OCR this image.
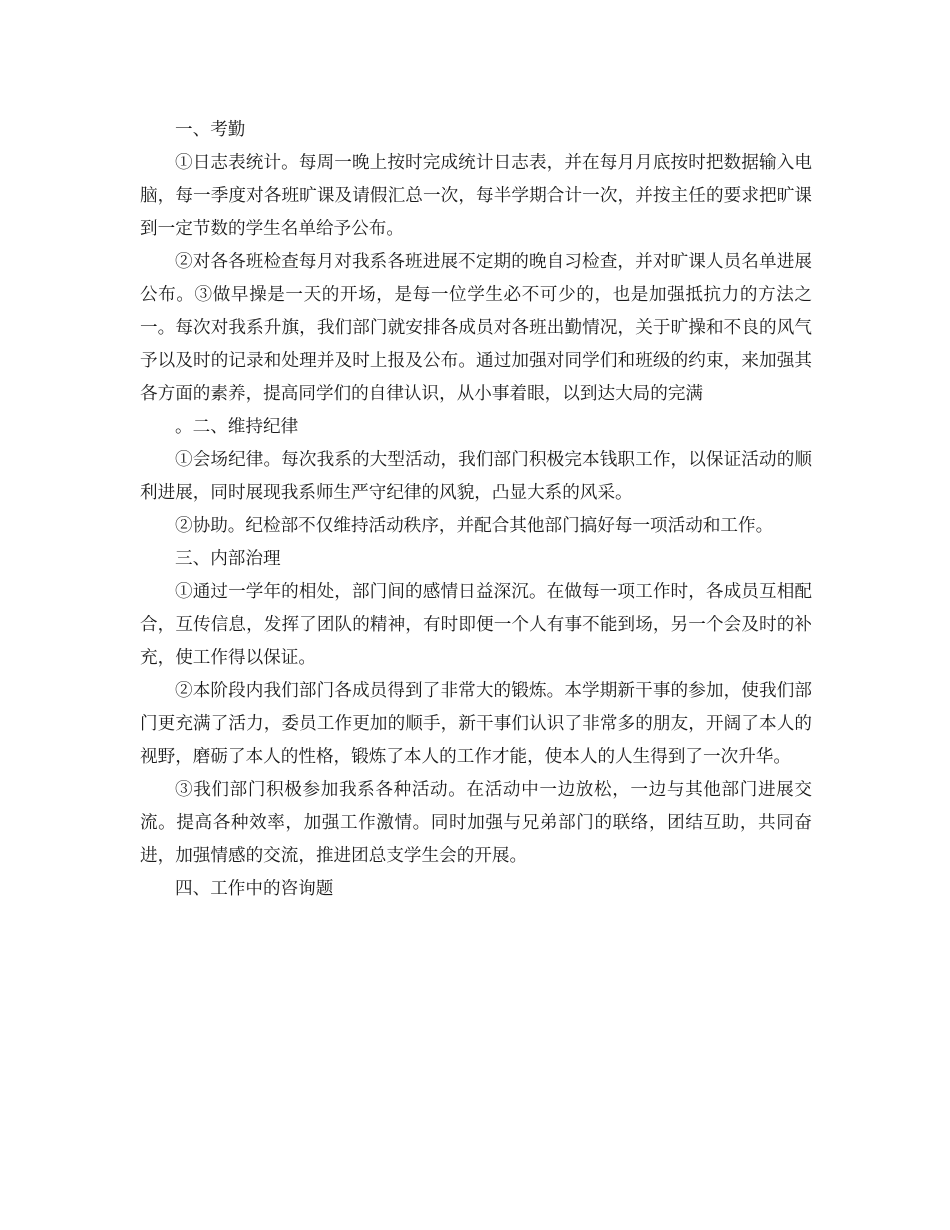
一、考勤

①日志表统计。每周一晚上按时完成统计日志表，并在每月月底按时把数据输入电脑，每一季度对各班旷课及请假汇总一次，每半学期合计一次，并按主任的要求把旷课到一定节数的学生名单给予公布。

②对各各班检查每月对我系各班进展不定期的晚自习检查，并对旷课人员名单进展公布。③做早操是一天的开场，是每一位学生必不可少的，也是加强抵抗力的方法之一。每次对我系升旗，我们部门就安排各成员对各班出勤情况，关于旷操和不良的风气予以及时的记录和处理并及时上报及公布。通过加强对同学们和班级的约束，来加强其各方面的素养，提高同学们的自律认识，从小事着眼，以到达大局的完满

。二、维持纪律

①会场纪律。每次我系的大型活动，我们部门积极完本钱职工作，以保证活动的顺利进展，同时展现我系师生严守纪律的风貌，凸显大系的风采。

②协助。纪检部不仅维持活动秩序，并配合其他部门搞好每一项活动和工作。

三、内部治理

①通过一学年的相处，部门间的感情日益深沉。在做每一项工作时，各成员互相配合，互传信息，发挥了团队的精神，有时即便一个人有事不能到场，另一个会及时的补充，使工作得以保证。

②本阶段内我们部门各成员得到了非常大的锻炼。本学期新干事的参加，使我们部门更充满了活力，委员工作更加的顺手，新干事们认识了非常多的朋友，开阔了本人的视野，磨砺了本人的性格，锻炼了本人的工作才能，使本人的人生得到了一次升华。

③我们部门积极参加我系各种活动。在活动中一边放松，一边与其他部门进展交流。提高各种效率，加强工作激情。同时加强与兄弟部门的联络，团结互助，共同奋进，加强情感的交流，推进团总支学生会的开展。

四、工作中的咨询题
